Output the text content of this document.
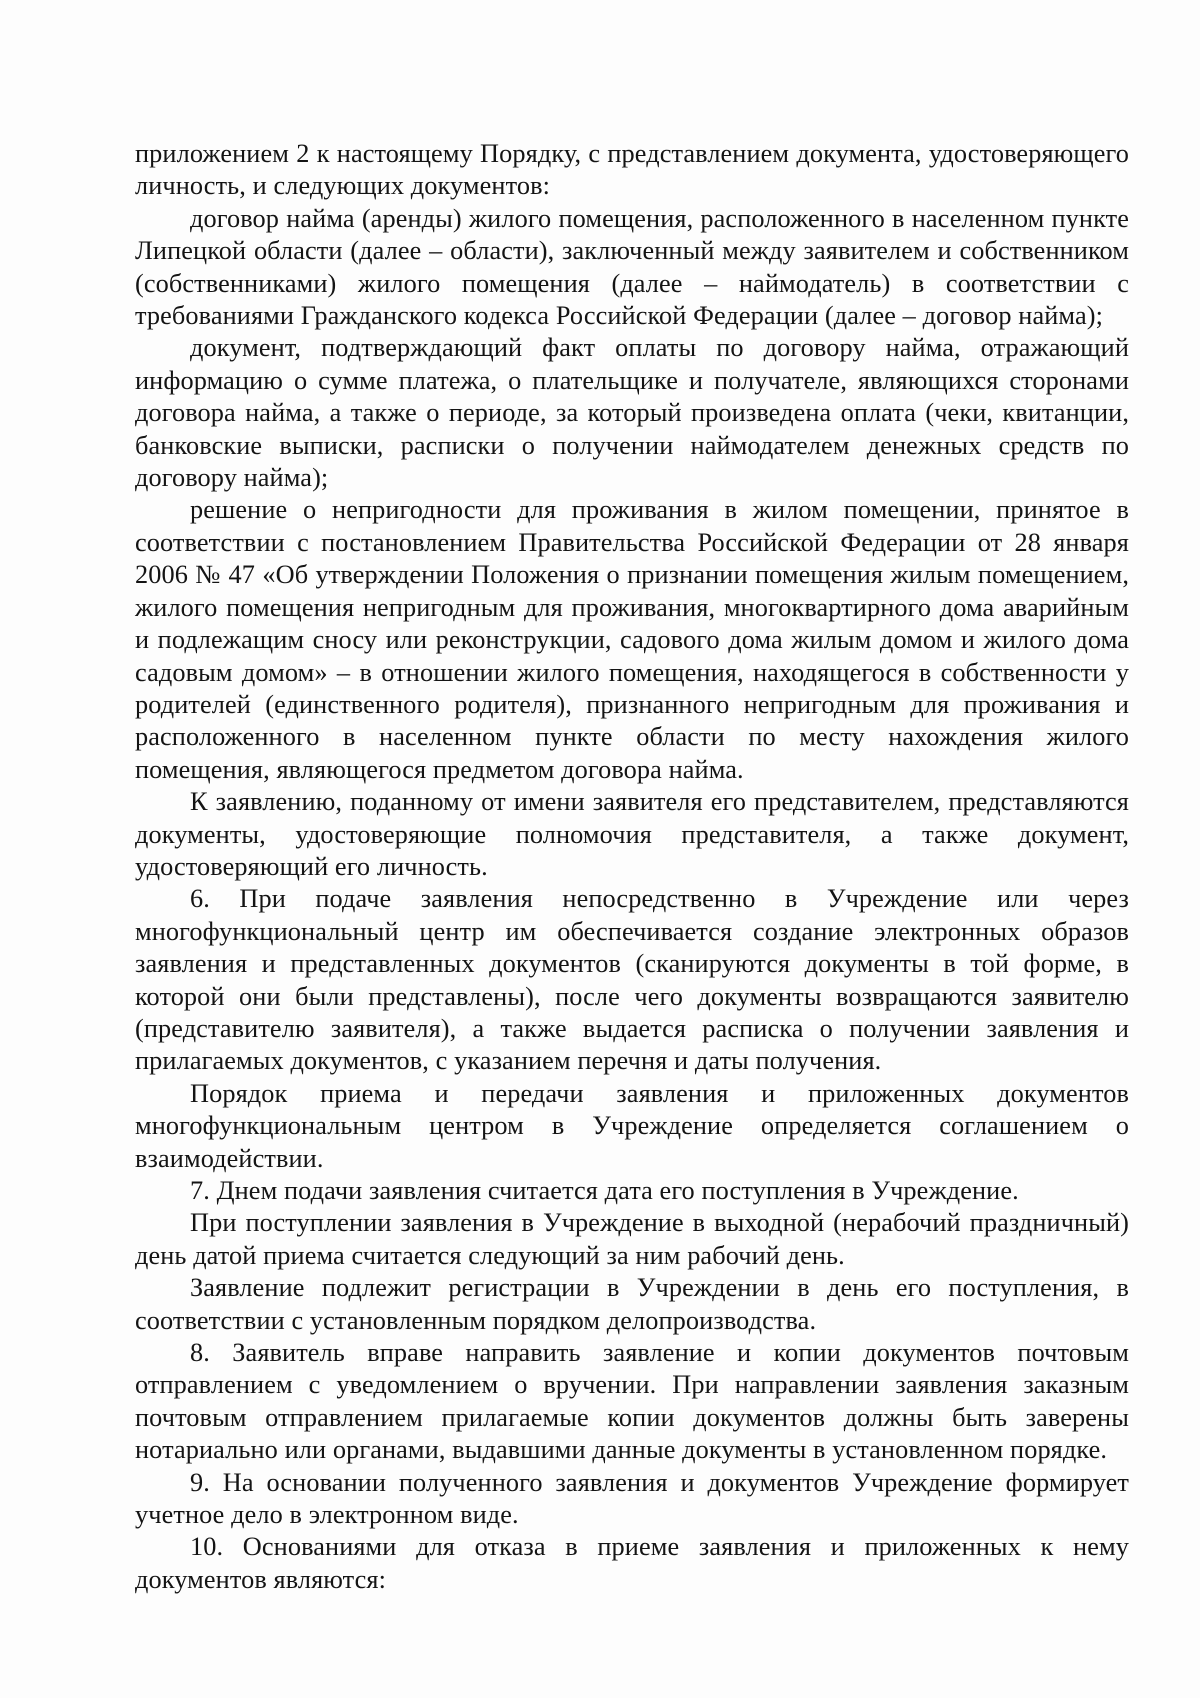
приложением 2 к настоящему Порядку, с представлением документа, удостоверяющего личность, и следующих документов:

договор найма (аренды) жилого помещения, расположенного в населенном пункте Липецкой области (далее – области), заключенный между заявителем и собственником (собственниками) жилого помещения (далее – наймодатель) в соответствии с требованиями Гражданского кодекса Российской Федерации (далее – договор найма);

документ, подтверждающий факт оплаты по договору найма, отражающий информацию о сумме платежа, о плательщике и получателе, являющихся сторонами договора найма, а также о периоде, за который произведена оплата (чеки, квитанции, банковские выписки, расписки о получении наймодателем денежных средств по договору найма);

решение о непригодности для проживания в жилом помещении, принятое в соответствии с постановлением Правительства Российской Федерации от 28 января 2006 № 47 «Об утверждении Положения о признании помещения жилым помещением, жилого помещения непригодным для проживания, многоквартирного дома аварийным и подлежащим сносу или реконструкции, садового дома жилым домом и жилого дома садовым домом» – в отношении жилого помещения, находящегося в собственности у родителей (единственного родителя), признанного непригодным для проживания и расположенного в населенном пункте области по месту нахождения жилого помещения, являющегося предметом договора найма.

К заявлению, поданному от имени заявителя его представителем, представляются документы, удостоверяющие полномочия представителя, а также документ, удостоверяющий его личность.

6. При подаче заявления непосредственно в Учреждение или через многофункциональный центр им обеспечивается создание электронных образов заявления и представленных документов (сканируются документы в той форме, в которой они были представлены), после чего документы возвращаются заявителю (представителю заявителя), а также выдается расписка о получении заявления и прилагаемых документов, с указанием перечня и даты получения.

Порядок приема и передачи заявления и приложенных документов многофункциональным центром в Учреждение определяется соглашением о взаимодействии.

7. Днем подачи заявления считается дата его поступления в Учреждение.

При поступлении заявления в Учреждение в выходной (нерабочий праздничный) день датой приема считается следующий за ним рабочий день.

Заявление подлежит регистрации в Учреждении в день его поступления, в соответствии с установленным порядком делопроизводства.

8. Заявитель вправе направить заявление и копии документов почтовым отправлением с уведомлением о вручении. При направлении заявления заказным почтовым отправлением прилагаемые копии документов должны быть заверены нотариально или органами, выдавшими данные документы в установленном порядке.

9. На основании полученного заявления и документов Учреждение формирует учетное дело в электронном виде.

10. Основаниями для отказа в приеме заявления и приложенных к нему документов являются:
